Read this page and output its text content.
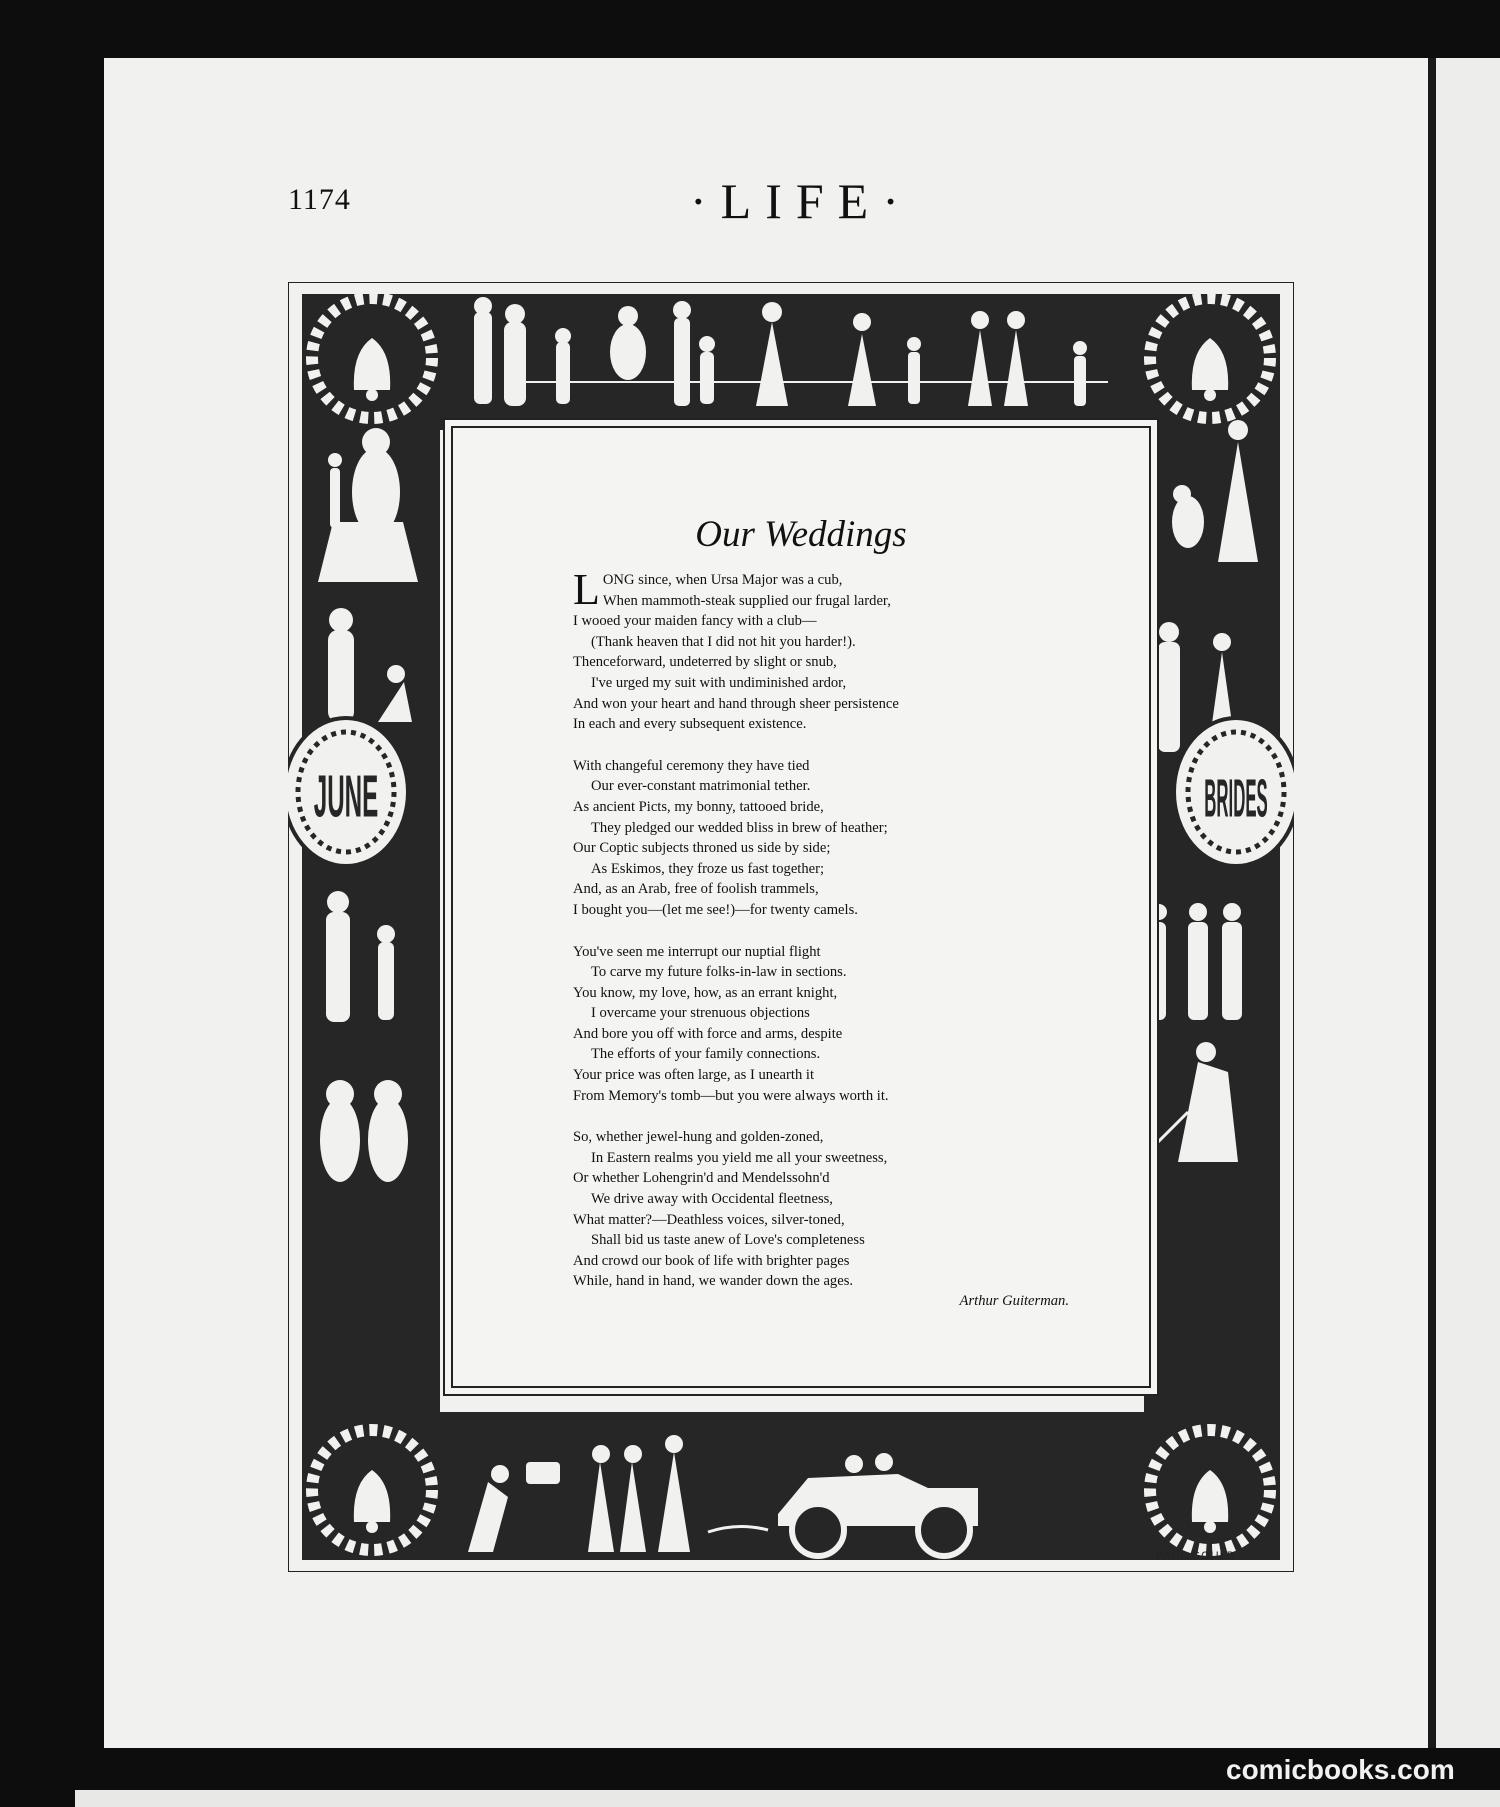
1174	·LIFE·
JUNE	BRIDES
PAUL GOULD
Our Weddings
L ONG since, when Ursa Major was a cub,
When mammoth-steak supplied our frugal larder,
I wooed your maiden fancy with a club—
(Thank heaven that I did not hit you harder!).
Thenceforward, undeterred by slight or snub,
I've urged my suit with undiminished ardor,
And won your heart and hand through sheer persistence
In each and every subsequent existence.
With changeful ceremony they have tied
Our ever-constant matrimonial tether.
As ancient Picts, my bonny, tattooed bride,
They pledged our wedded bliss in brew of heather;
Our Coptic subjects throned us side by side;
As Eskimos, they froze us fast together;
And, as an Arab, free of foolish trammels,
I bought you—(let me see!)—for twenty camels.
You've seen me interrupt our nuptial flight
To carve my future folks-in-law in sections.
You know, my love, how, as an errant knight,
I overcame your strenuous objections
And bore you off with force and arms, despite
The efforts of your family connections.
Your price was often large, as I unearth it
From Memory's tomb—but you were always worth it.
So, whether jewel-hung and golden-zoned,
In Eastern realms you yield me all your sweetness,
Or whether Lohengrin'd and Mendelssohn'd
We drive away with Occidental fleetness,
What matter?—Deathless voices, silver-toned,
Shall bid us taste anew of Love's completeness
And crowd our book of life with brighter pages
While, hand in hand, we wander down the ages.
Arthur Guiterman.
comicbooks.com
